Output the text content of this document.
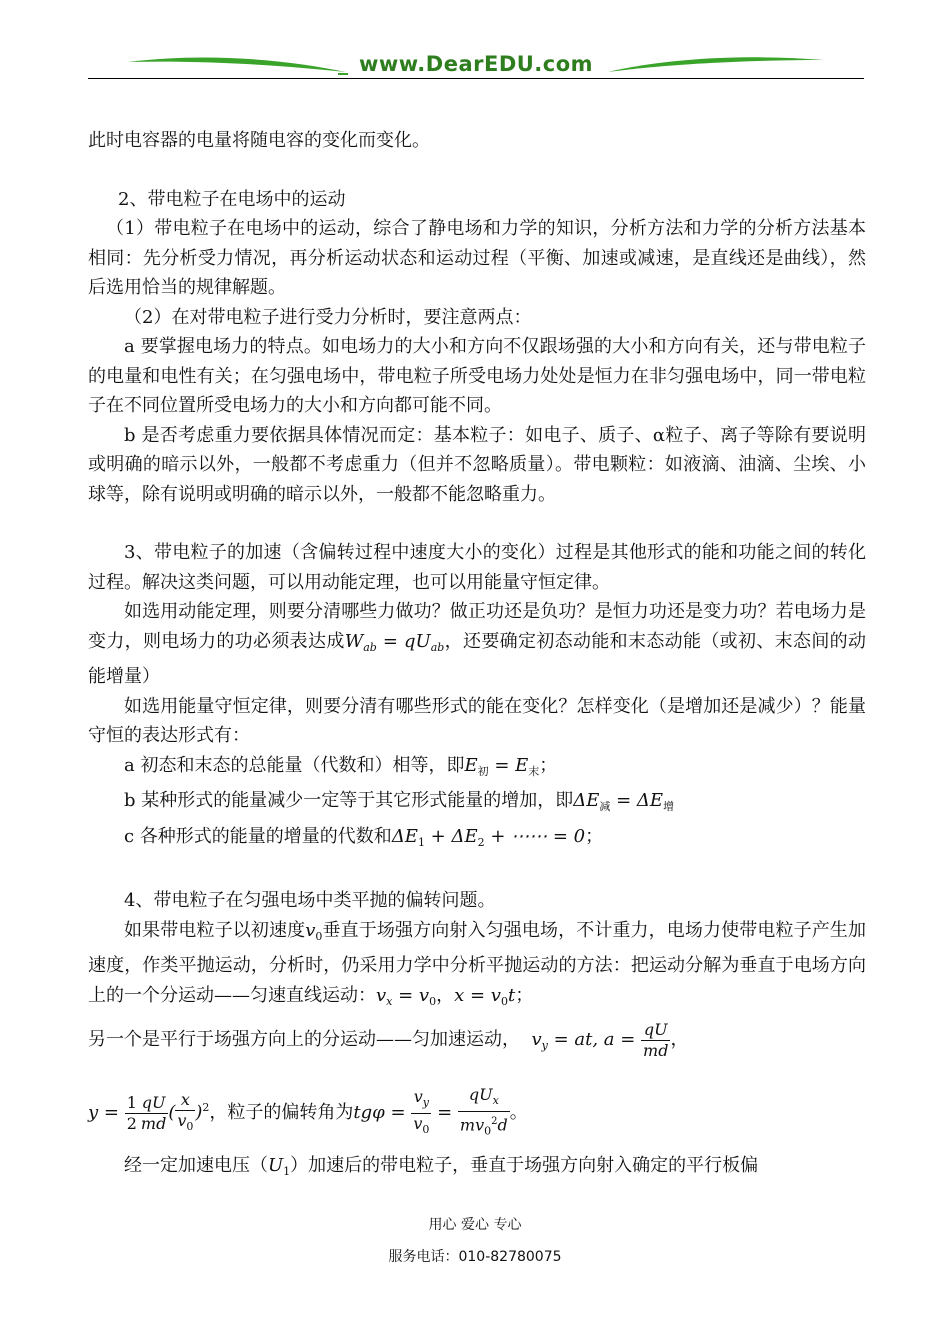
www.DearEDU.com

此时电容器的电量将随电容的变化而变化。

2、带电粒子在电场中的运动

（1）带电粒子在电场中的运动，综合了静电场和力学的知识，分析方法和力学的分析方法基本相同：先分析受力情况，再分析运动状态和运动过程（平衡、加速或减速，是直线还是曲线），然后选用恰当的规律解题。

（2）在对带电粒子进行受力分析时，要注意两点：

a 要掌握电场力的特点。如电场力的大小和方向不仅跟场强的大小和方向有关，还与带电粒子的电量和电性有关；在匀强电场中，带电粒子所受电场力处处是恒力在非匀强电场中，同一带电粒子在不同位置所受电场力的大小和方向都可能不同。

b 是否考虑重力要依据具体情况而定：基本粒子：如电子、质子、α粒子、离子等除有要说明或明确的暗示以外，一般都不考虑重力（但并不忽略质量）。带电颗粒：如液滴、油滴、尘埃、小球等，除有说明或明确的暗示以外，一般都不能忽略重力。

3、带电粒子的加速（含偏转过程中速度大小的变化）过程是其他形式的能和功能之间的转化过程。解决这类问题，可以用动能定理，也可以用能量守恒定律。

如选用动能定理，则要分清哪些力做功？做正功还是负功？是恒力功还是变力功？若电场力是变力，则电场力的功必须表达成$W_{ab} = qU_{ab}$，还要确定初态动能和末态动能（或初、末态间的动能增量）

如选用能量守恒定律，则要分清有哪些形式的能在变化？怎样变化（是增加还是减少）？能量守恒的表达形式有：

a 初态和末态的总能量（代数和）相等，即$E_初 = E_末$；

b 某种形式的能量减少一定等于其它形式能量的增加，即$\Delta E_减 = \Delta E_增$

c 各种形式的能量的增量的代数和$\Delta E_1 + \Delta E_2$ + ⋯⋯ = 0；

4、带电粒子在匀强电场中类平抛的偏转问题。

如果带电粒子以初速度$v_0$垂直于场强方向射入匀强电场，不计重力，电场力使带电粒子产生加速度，作类平抛运动，分析时，仍采用力学中分析平抛运动的方法：把运动分解为垂直于电场方向上的一个分运动——匀速直线运动：$v_x = v_0$，$x = v_0t$；

另一个是平行于场强方向上的分运动——匀加速运动， $v_y$ = at, $a = \frac{qU}{md}$ ，

$y = \frac{1}{2} \frac{qU}{md}$ ( $\frac{x}{v_0} )^2$，粒子的偏转角为$tg\varphi = \frac{v_y}{v_0} = \frac{qU_x}{mv_0^2d}$ 。

经一定加速电压$(U_1)$加速后的带电粒子，垂直于场强方向射入确定的平行板偏

用心 爱心 专心
服务电话：010-82780075
